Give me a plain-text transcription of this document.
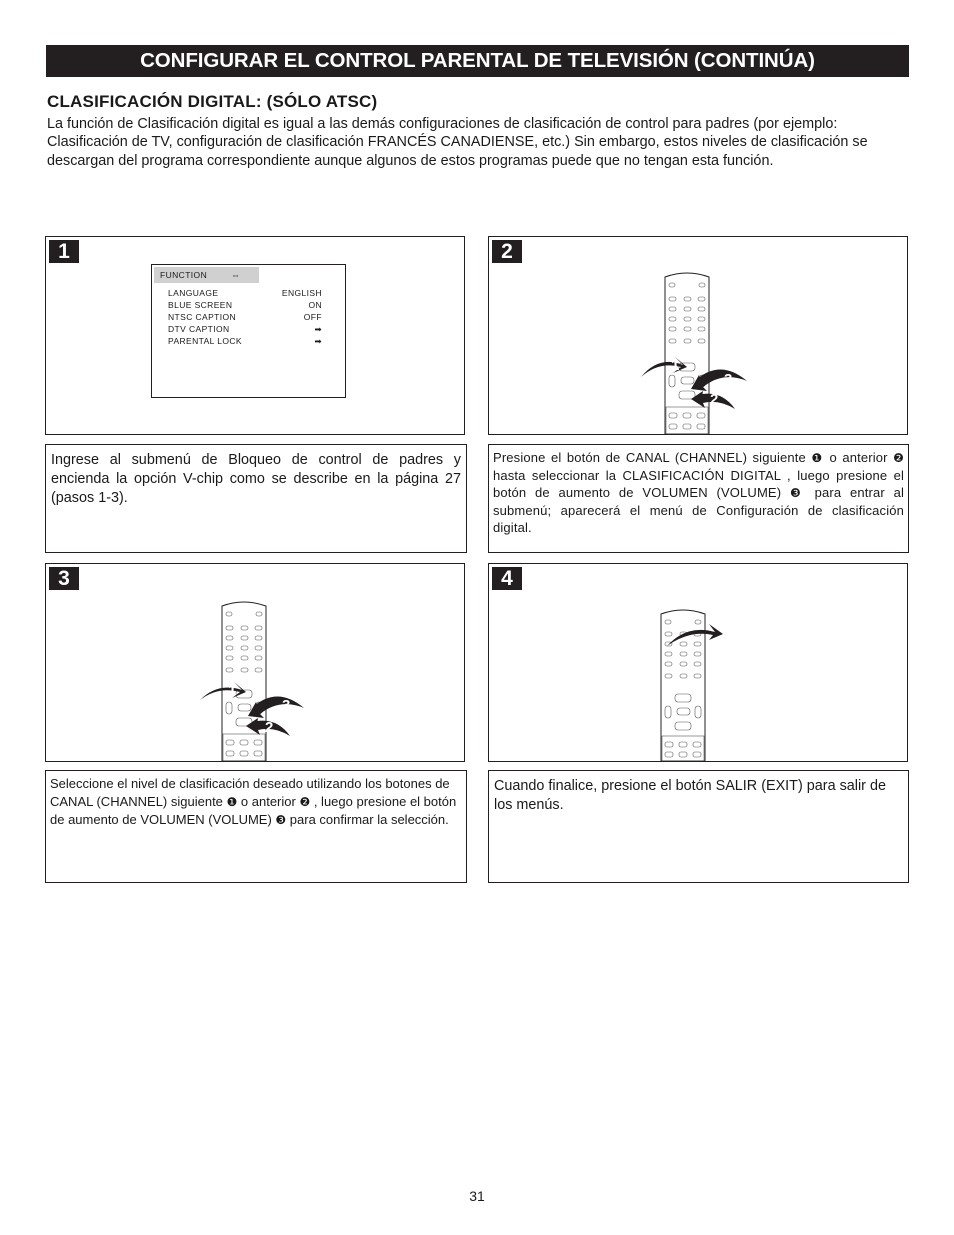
CONFIGURAR EL CONTROL PARENTAL DE TELEVISIÓN (CONTINÚA)
CLASIFICACIÓN DIGITAL: (SÓLO ATSC)
La función de Clasificación digital es igual a las demás configuraciones de clasificación de control para padres (por ejemplo: Clasificación de TV, configuración de clasificación FRANCÉS CANADIENSE, etc.) Sin embargo, estos niveles de clasificación se descargan del programa correspondiente aunque algunos de estos programas puede que no tengan esta función.
1
FUNCTION	⇔
LANGUAGE	ENGLISH
BLUE SCREEN	ON
NTSC CAPTION	OFF
DTV CAPTION	➡
PARENTAL LOCK	➡
2
1
3
2
Ingrese al submenú de Bloqueo de control de padres y encienda la opción V-chip como se describe en la página 27 (pasos 1-3).
Presione el botón de CANAL (CHANNEL) siguiente ❶ o anterior ❷ hasta seleccionar la CLASIFICACIÓN DIGITAL , luego presione el botón de aumento de VOLUMEN (VOLUME) ❸ para entrar al submenú; aparecerá el menú de Configuración de clasificación digital.
3
1
3
2
4
Seleccione el nivel de clasificación deseado utilizando los botones de CANAL (CHANNEL) siguiente ❶ o anterior ❷ , luego presione el botón de aumento de VOLUMEN (VOLUME) ❸ para confirmar la selección.
Cuando finalice, presione el botón SALIR (EXIT) para salir de los menús.
31
